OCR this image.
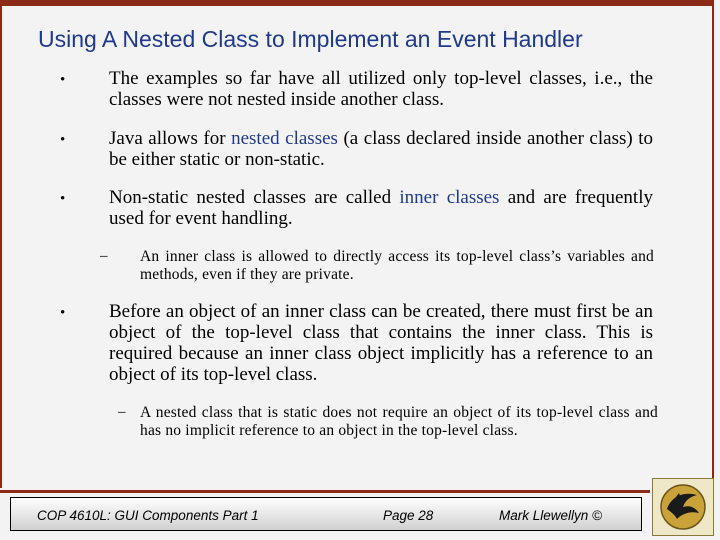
Using A Nested Class to Implement an Event Handler
• The examples so far have all utilized only top-level classes, i.e., the classes were not nested inside another class.
• Java allows for nested classes (a class declared inside another class) to be either static or non-static.
• Non-static nested classes are called inner classes and are frequently used for event handling.
– An inner class is allowed to directly access its top-level class’s variables and methods, even if they are private.
• Before an object of an inner class can be created, there must first be an object of the top-level class that contains the inner class. This is required because an inner class object implicitly has a reference to an object of its top-level class.
– A nested class that is static does not require an object of its top-level class and has no implicit reference to an object in the top-level class.
COP 4610L: GUI Components Part 1	Page 28	Mark Llewellyn ©
